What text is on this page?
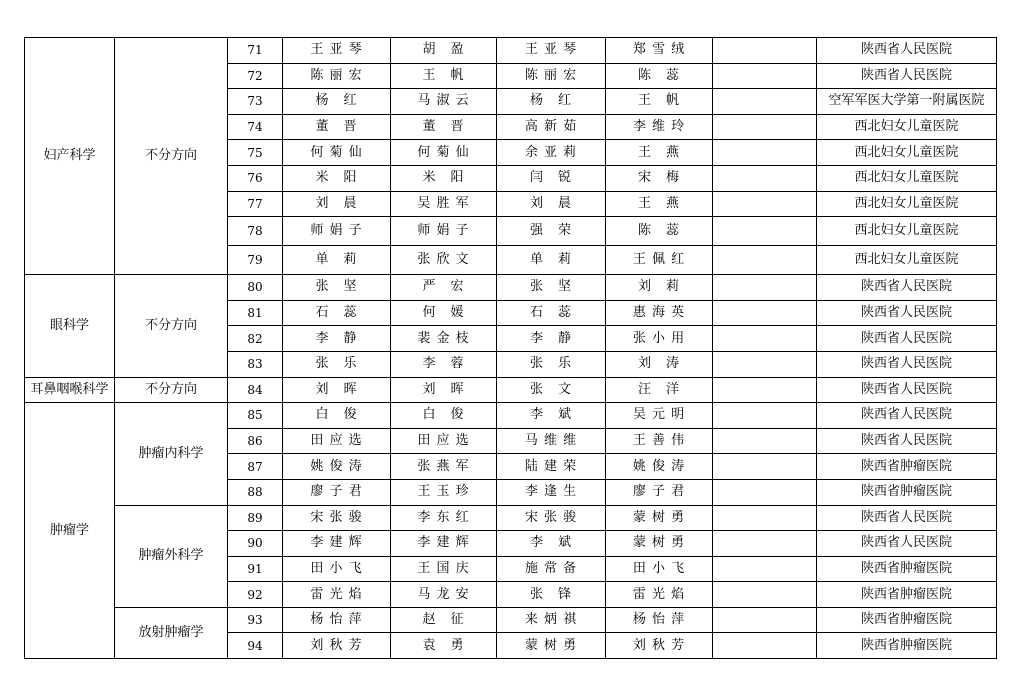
妇产科学	不分方向	71	王 亚 琴	胡　盈	王 亚 琴	郑 雪 绒		陕西省人民医院
		72	陈 丽 宏	王　帆	陈 丽 宏	陈　蕊		陕西省人民医院
		73	杨　红	马 淑 云	杨　红	王　帆		空军军医大学第一附属医院
		74	董　晋	董　晋	高 新 茹	李 维 玲		西北妇女儿童医院
		75	何 菊 仙	何 菊 仙	余 亚 莉	王　燕		西北妇女儿童医院
		76	米　阳	米　阳	闫　锐	宋　梅		西北妇女儿童医院
		77	刘　晨	吴 胜 军	刘　晨	王　燕		西北妇女儿童医院
		78	师 娟 子	师 娟 子	强　荣	陈　蕊		西北妇女儿童医院
		79	单　莉	张 欣 文	单　莉	王 佩 红		西北妇女儿童医院
眼科学	不分方向	80	张　坚	严　宏	张　坚	刘　莉		陕西省人民医院
		81	石　蕊	何　媛	石　蕊	惠 海 英		陕西省人民医院
		82	李　静	裴 金 枝	李　静	张 小 用		陕西省人民医院
		83	张　乐	李　蓉	张　乐	刘　涛		陕西省人民医院
耳鼻咽喉科学	不分方向	84	刘　晖	刘　晖	张　文	汪　洋		陕西省人民医院
肿瘤学	肿瘤内科学	85	白　俊	白　俊	李　斌	吴 元 明		陕西省人民医院
		86	田 应 选	田 应 选	马 维 维	王 善 伟		陕西省人民医院
		87	姚 俊 涛	张 燕 军	陆 建 荣	姚 俊 涛		陕西省肿瘤医院
		88	廖 子 君	王 玉 珍	李 逢 生	廖 子 君		陕西省肿瘤医院
	肿瘤外科学	89	宋 张 骏	李 东 红	宋 张 骏	蒙 树 勇		陕西省人民医院
		90	李 建 辉	李 建 辉	李　斌	蒙 树 勇		陕西省人民医院
		91	田 小 飞	王 国 庆	施 常 备	田 小 飞		陕西省肿瘤医院
		92	雷 光 焰	马 龙 安	张　锋	雷 光 焰		陕西省肿瘤医院
	放射肿瘤学	93	杨 怡 萍	赵　征	来 炳 祺	杨 怡 萍		陕西省肿瘤医院
		94	刘 秋 芳	袁　勇	蒙 树 勇	刘 秋 芳		陕西省肿瘤医院
